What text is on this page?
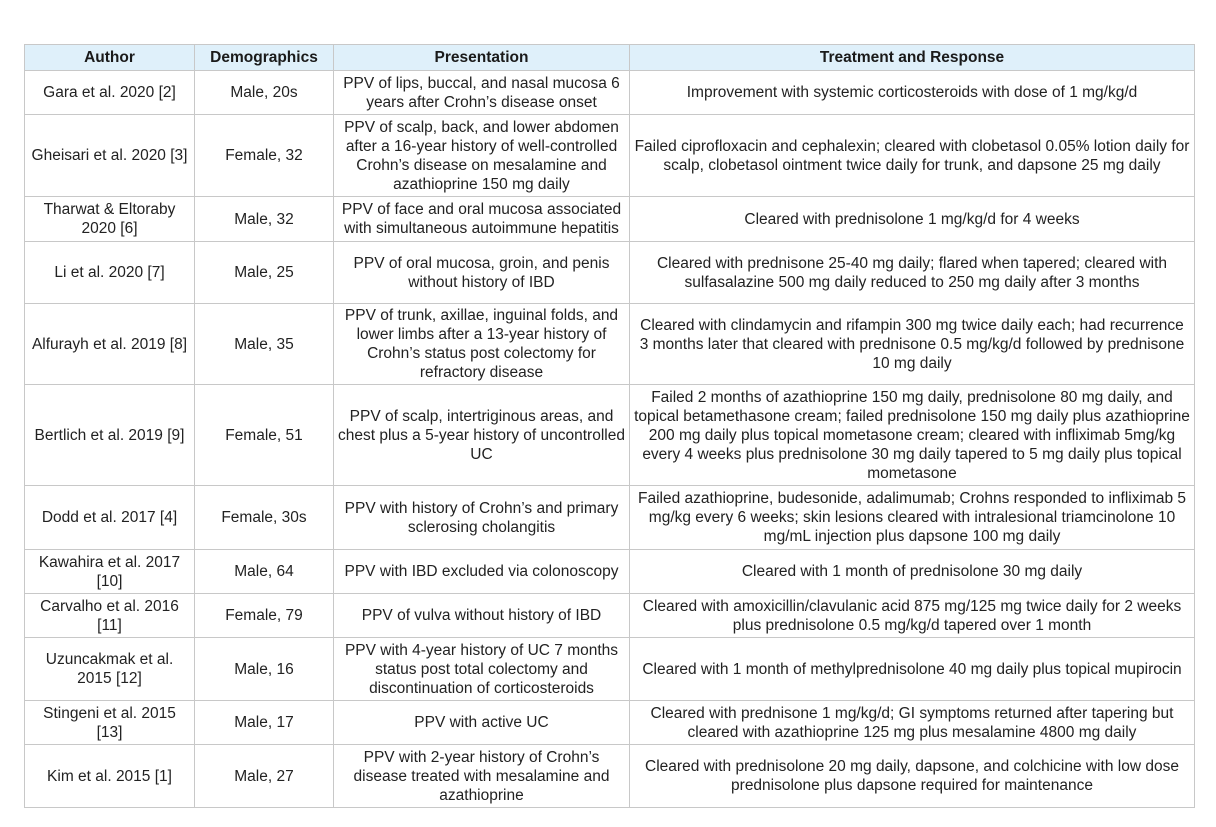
Author	Demographics	Presentation	Treatment and Response
Gara et al. 2020 [2]	Male, 20s	PPV of lips, buccal, and nasal mucosa 6 years after Crohn’s disease onset	Improvement with systemic corticosteroids with dose of 1 mg/kg/d
Gheisari et al. 2020 [3]	Female, 32	PPV of scalp, back, and lower abdomen after a 16-year history of well-controlled Crohn’s disease on mesalamine and azathioprine 150 mg daily	Failed ciprofloxacin and cephalexin; cleared with clobetasol 0.05% lotion daily for scalp, clobetasol ointment twice daily for trunk, and dapsone 25 mg daily
Tharwat & Eltoraby 2020 [6]	Male, 32	PPV of face and oral mucosa associated with simultaneous autoimmune hepatitis	Cleared with prednisolone 1 mg/kg/d for 4 weeks
Li et al. 2020 [7]	Male, 25	PPV of oral mucosa, groin, and penis without history of IBD	Cleared with prednisone 25-40 mg daily; flared when tapered; cleared with sulfasalazine 500 mg daily reduced to 250 mg daily after 3 months
Alfurayh et al. 2019 [8]	Male, 35	PPV of trunk, axillae, inguinal folds, and lower limbs after a 13-year history of Crohn’s status post colectomy for refractory disease	Cleared with clindamycin and rifampin 300 mg twice daily each; had recurrence 3 months later that cleared with prednisone 0.5 mg/kg/d followed by prednisone 10 mg daily
Bertlich et al. 2019 [9]	Female, 51	PPV of scalp, intertriginous areas, and chest plus a 5-year history of uncontrolled UC	Failed 2 months of azathioprine 150 mg daily, prednisolone 80 mg daily, and topical betamethasone cream; failed prednisolone 150 mg daily plus azathioprine 200 mg daily plus topical mometasone cream; cleared with infliximab 5mg/kg every 4 weeks plus prednisolone 30 mg daily tapered to 5 mg daily plus topical mometasone
Dodd et al. 2017 [4]	Female, 30s	PPV with history of Crohn’s and primary sclerosing cholangitis	Failed azathioprine, budesonide, adalimumab; Crohns responded to infliximab 5 mg/kg every 6 weeks; skin lesions cleared with intralesional triamcinolone 10 mg/mL injection plus dapsone 100 mg daily
Kawahira et al. 2017 [10]	Male, 64	PPV with IBD excluded via colonoscopy	Cleared with 1 month of prednisolone 30 mg daily
Carvalho et al. 2016 [11]	Female, 79	PPV of vulva without history of IBD	Cleared with amoxicillin/clavulanic acid 875 mg/125 mg twice daily for 2 weeks plus prednisolone 0.5 mg/kg/d tapered over 1 month
Uzuncakmak et al. 2015 [12]	Male, 16	PPV with 4-year history of UC 7 months status post total colectomy and discontinuation of corticosteroids	Cleared with 1 month of methylprednisolone 40 mg daily plus topical mupirocin
Stingeni et al. 2015 [13]	Male, 17	PPV with active UC	Cleared with prednisone 1 mg/kg/d; GI symptoms returned after tapering but cleared with azathioprine 125 mg plus mesalamine 4800 mg daily
Kim et al. 2015 [1]	Male, 27	PPV with 2-year history of Crohn’s disease treated with mesalamine and azathioprine	Cleared with prednisolone 20 mg daily, dapsone, and colchicine with low dose prednisolone plus dapsone required for maintenance
